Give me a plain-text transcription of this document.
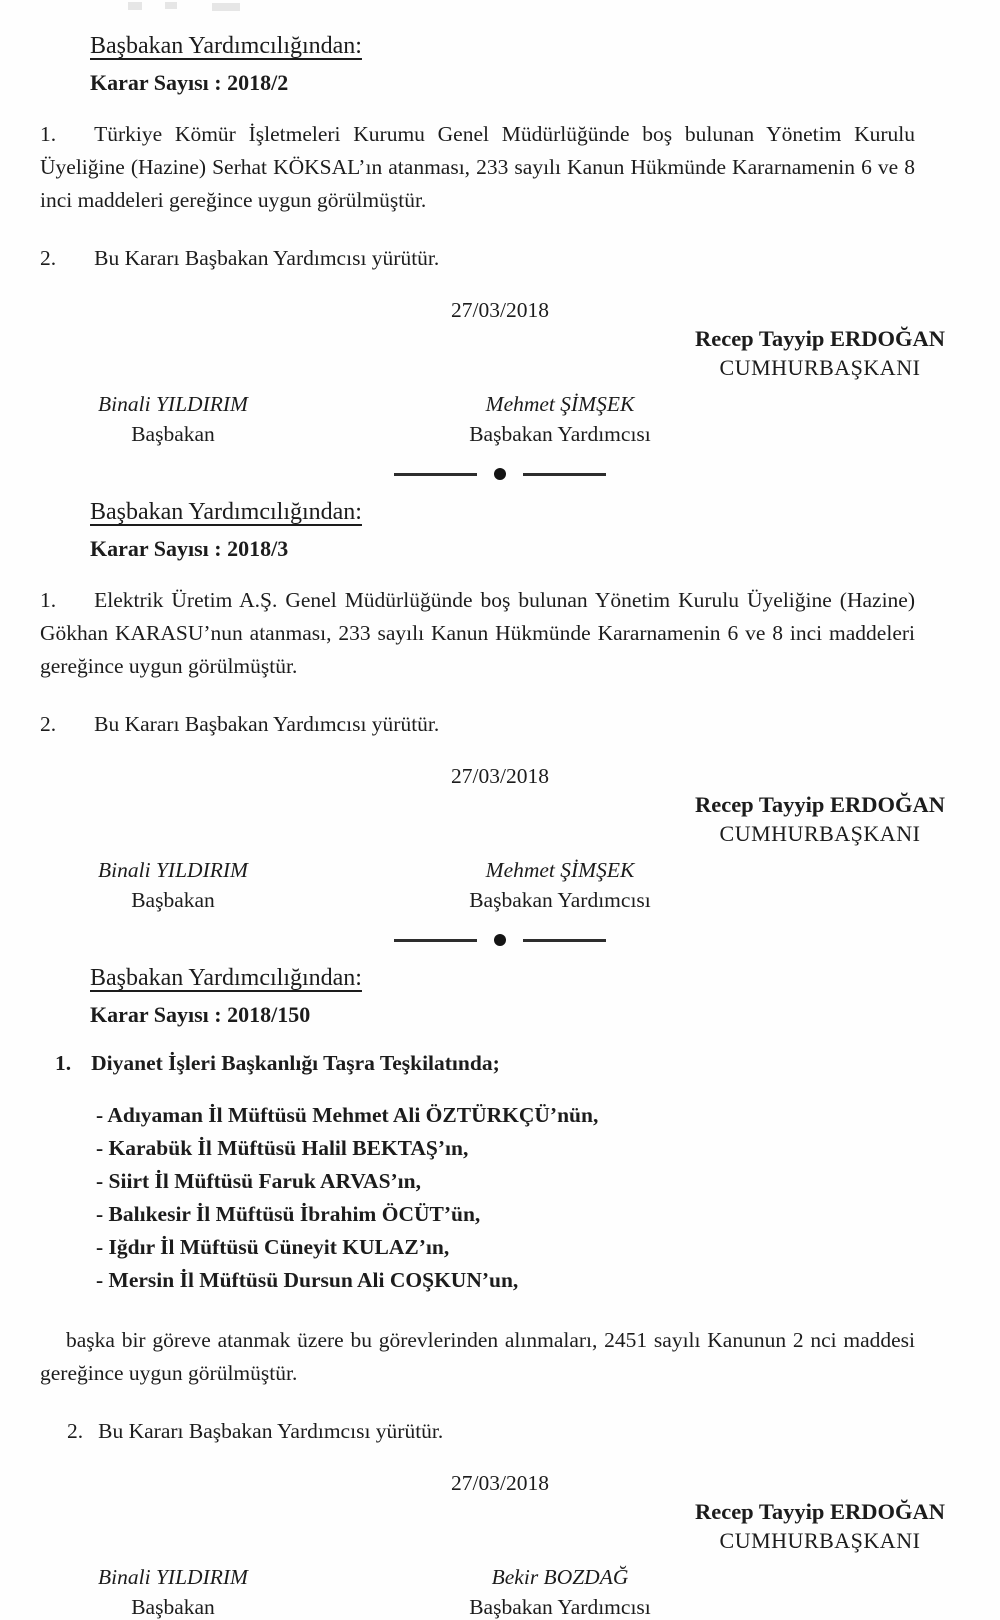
Başbakan Yardımcılığından:
Karar Sayısı : 2018/2

1. Türkiye Kömür İşletmeleri Kurumu Genel Müdürlüğünde boş bulunan Yönetim Kurulu Üyeliğine (Hazine) Serhat KÖKSAL’ın atanması, 233 sayılı Kanun Hükmünde Kararnamenin 6 ve 8 inci maddeleri gereğince uygun görülmüştür.

2. Bu Kararı Başbakan Yardımcısı yürütür.

27/03/2018
Recep Tayyip ERDOĞAN
CUMHURBAŞKANI
Binali YILDIRIM
Başbakan
Mehmet ŞİMŞEK
Başbakan Yardımcısı
Başbakan Yardımcılığından:
Karar Sayısı : 2018/3

1. Elektrik Üretim A.Ş. Genel Müdürlüğünde boş bulunan Yönetim Kurulu Üyeliğine (Hazine) Gökhan KARASU’nun atanması, 233 sayılı Kanun Hükmünde Kararnamenin 6 ve 8 inci maddeleri gereğince uygun görülmüştür.

2. Bu Kararı Başbakan Yardımcısı yürütür.

27/03/2018
Recep Tayyip ERDOĞAN
CUMHURBAŞKANI
Binali YILDIRIM
Başbakan
Mehmet ŞİMŞEK
Başbakan Yardımcısı
Başbakan Yardımcılığından:
Karar Sayısı : 2018/150

1. Diyanet İşleri Başkanlığı Taşra Teşkilatında;

- Adıyaman İl Müftüsü Mehmet Ali ÖZTÜRKÇÜ’nün,
- Karabük İl Müftüsü Halil BEKTAŞ’ın,
- Siirt İl Müftüsü Faruk ARVAS’ın,
- Balıkesir İl Müftüsü İbrahim ÖCÜT’ün,
- Iğdır İl Müftüsü Cüneyit KULAZ’ın,
- Mersin İl Müftüsü Dursun Ali COŞKUN’un,

başka bir göreve atanmak üzere bu görevlerinden alınmaları, 2451 sayılı Kanunun 2 nci maddesi gereğince uygun görülmüştür.

2. Bu Kararı Başbakan Yardımcısı yürütür.

27/03/2018
Recep Tayyip ERDOĞAN
CUMHURBAŞKANI
Binali YILDIRIM
Başbakan
Bekir BOZDAĞ
Başbakan Yardımcısı
